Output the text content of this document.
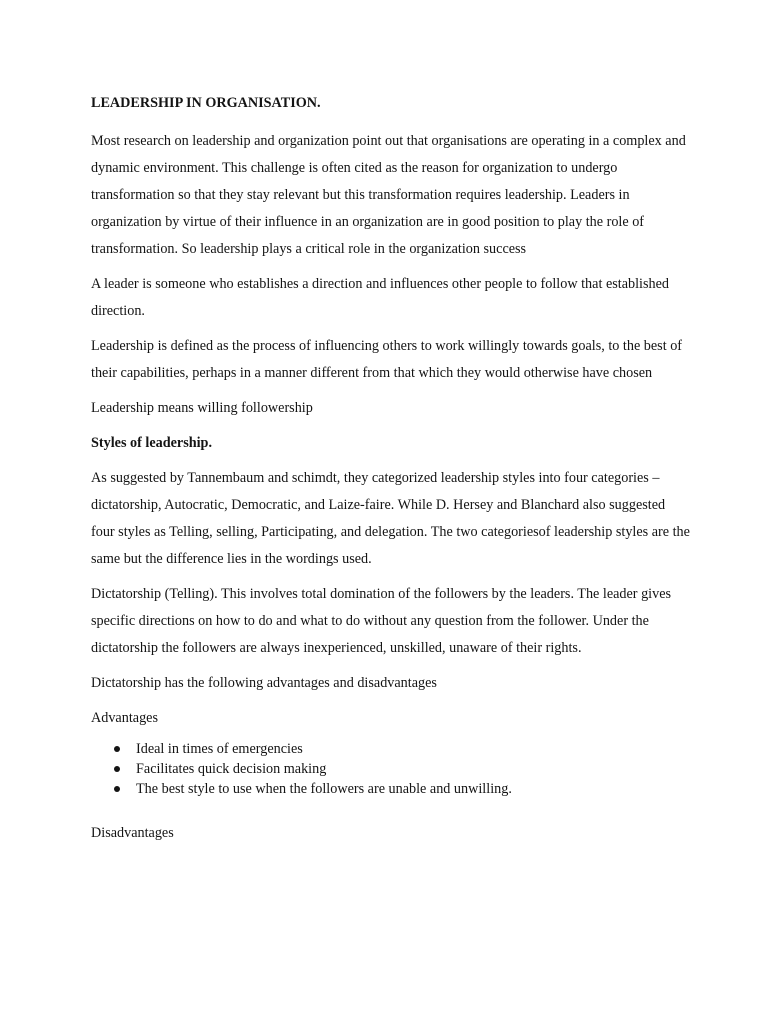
LEADERSHIP IN ORGANISATION.

Most research on leadership and organization point out that organisations are operating in a complex and dynamic environment. This challenge is often cited as the reason for organization to undergo transformation so that they stay relevant but this transformation requires leadership. Leaders in organization by virtue of their influence in an organization are in good position to play the role of transformation. So leadership plays a critical role in the organization success

A leader is someone who establishes a direction and influences other people to follow that established direction.

Leadership is defined as the process of influencing others to work willingly towards goals, to the best of their capabilities, perhaps in a manner different from that which they would otherwise have chosen

Leadership means willing followership

Styles of leadership.

As suggested by Tannembaum and schimdt, they categorized leadership styles into four categories – dictatorship, Autocratic, Democratic, and Laize-faire. While D. Hersey and Blanchard also suggested four styles as Telling, selling, Participating, and delegation. The two categoriesof leadership styles are the same but the difference lies in the wordings used.

Dictatorship (Telling). This involves total domination of the followers by the leaders. The leader gives specific directions on how to do and what to do without any question from the follower. Under the dictatorship the followers are always inexperienced, unskilled, unaware of their rights.

Dictatorship has the following advantages and disadvantages

Advantages
Ideal in times of emergencies
Facilitates quick decision making
The best style to use when the followers are unable and unwilling.
Disadvantages
